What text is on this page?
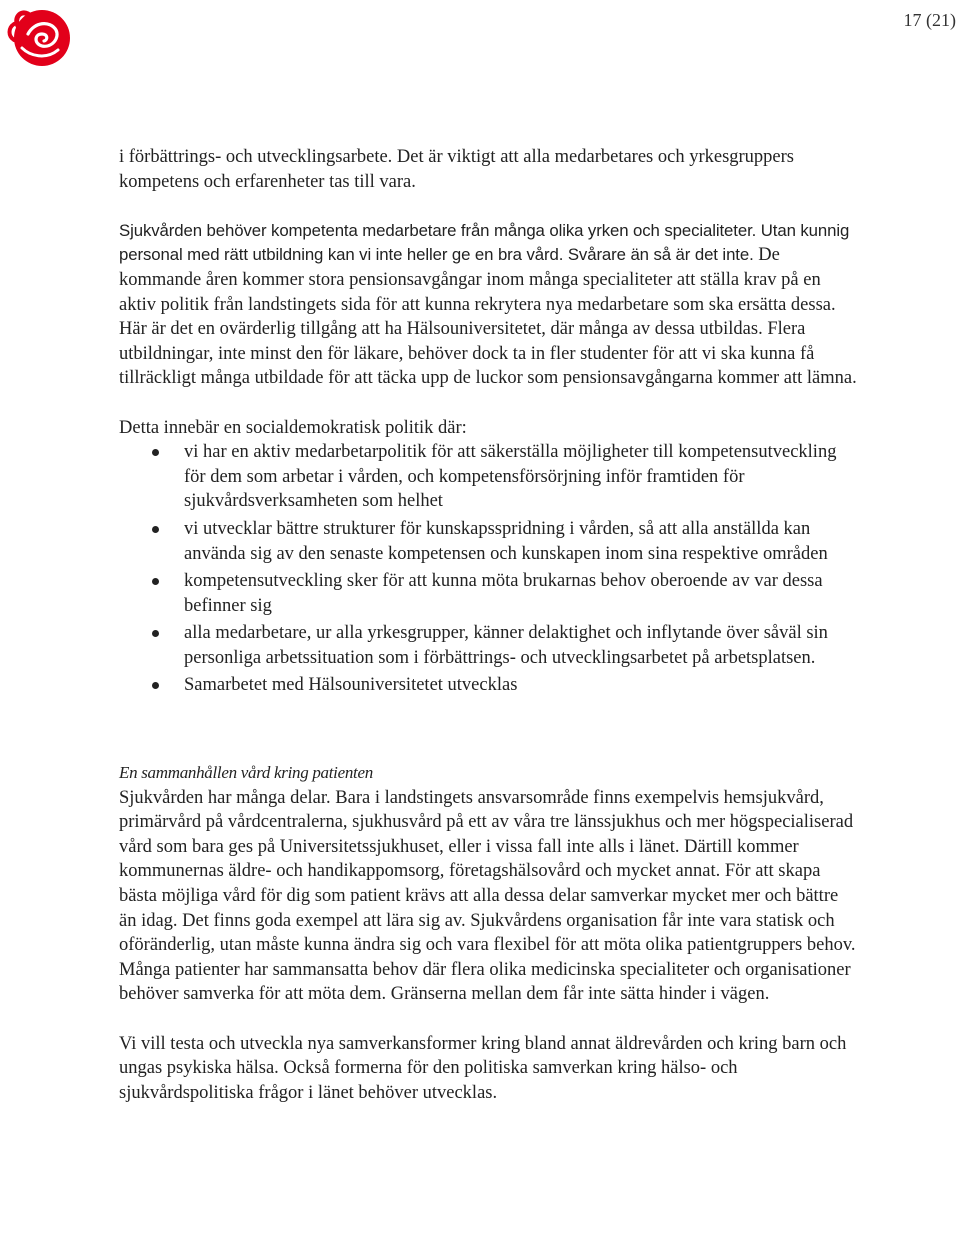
17 (21)

i förbättrings- och utvecklingsarbete. Det är viktigt att alla medarbetares och yrkesgruppers kompetens och erfarenheter tas till vara.

Sjukvården behöver kompetenta medarbetare från många olika yrken och specialiteter. Utan kunnig personal med rätt utbildning kan vi inte heller ge en bra vård. Svårare än så är det inte. De kommande åren kommer stora pensionsavgångar inom många specialiteter att ställa krav på en aktiv politik från landstingets sida för att kunna rekrytera nya medarbetare som ska ersätta dessa. Här är det en ovärderlig tillgång att ha Hälsouniversitetet, där många av dessa utbildas. Flera utbildningar, inte minst den för läkare, behöver dock ta in fler studenter för att vi ska kunna få tillräckligt många utbildade för att täcka upp de luckor som pensionsavgångarna kommer att lämna.

Detta innebär en socialdemokratisk politik där:

vi har en aktiv medarbetarpolitik för att säkerställa möjligheter till kompetensutveckling för dem som arbetar i vården, och kompetensförsörjning inför framtiden för sjukvårdsverksamheten som helhet
vi utvecklar bättre strukturer för kunskapsspridning i vården, så att alla anställda kan använda sig av den senaste kompetensen och kunskapen inom sina respektive områden
kompetensutveckling sker för att kunna möta brukarnas behov oberoende av var dessa befinner sig
alla medarbetare, ur alla yrkesgrupper, känner delaktighet och inflytande över såväl sin personliga arbetssituation som i förbättrings- och utvecklingsarbetet på arbetsplatsen.
Samarbetet med Hälsouniversitetet utvecklas

En sammanhållen vård kring patienten

Sjukvården har många delar. Bara i landstingets ansvarsområde finns exempelvis hemsjukvård, primärvård på vårdcentralerna, sjukhusvård på ett av våra tre länssjukhus och mer högspecialiserad vård som bara ges på Universitetssjukhuset, eller i vissa fall inte alls i länet. Därtill kommer kommunernas äldre- och handikappomsorg, företagshälsovård och mycket annat. För att skapa bästa möjliga vård för dig som patient krävs att alla dessa delar samverkar mycket mer och bättre än idag. Det finns goda exempel att lära sig av. Sjukvårdens organisation får inte vara statisk och oföränderlig, utan måste kunna ändra sig och vara flexibel för att möta olika patientgruppers behov. Många patienter har sammansatta behov där flera olika medicinska specialiteter och organisationer behöver samverka för att möta dem. Gränserna mellan dem får inte sätta hinder i vägen.

Vi vill testa och utveckla nya samverkansformer kring bland annat äldrevården och kring barn och ungas psykiska hälsa. Också formerna för den politiska samverkan kring hälso- och sjukvårdspolitiska frågor i länet behöver utvecklas.
